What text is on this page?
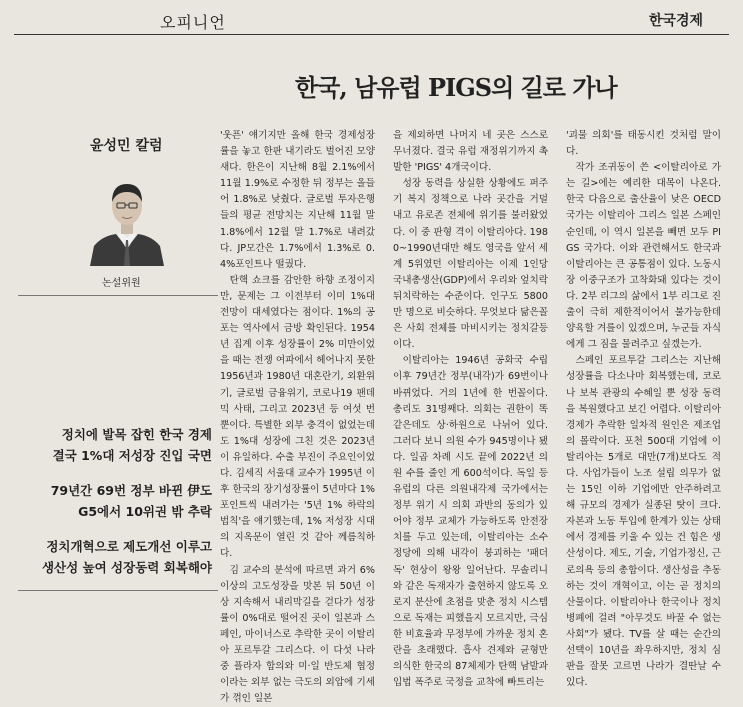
오피니언	한국경제
한국, 남유럽 PIGS의 길로 가나
윤성민 칼럼
논설위원
정치에 발목 잡힌 한국 경제
결국 1%대 저성장 진입 국면
79년간 69번 정부 바뀐 伊도
G5에서 10위권 밖 추락
정치개혁으로 제도개선 이루고
생산성 높여 성장동력 회복해야

'웃픈' 얘기지만 올해 한국 경제성장률을 놓고 한판 내기라도 벌어진 모양새다. 한은이 지난해 8월 2.1%에서 11월 1.9%로 수정한 뒤 정부는 올들어 1.8%로 낮췄다. 글로벌 투자은행들의 평균 전망치는 지난해 11월 말 1.8%에서 12월 말 1.7%로 내려갔다. JP모간은 1.7%에서 1.3%로 0.4%포인트나 떨궜다.

탄핵 쇼크를 감안한 하향 조정이지만, 문제는 그 이전부터 이미 1%대 전망이 대세였다는 점이다. 1%의 공포는 역사에서 금방 확인된다. 1954년 집계 이후 성장률이 2% 미만이었을 때는 전쟁 여파에서 헤어나지 못한 1956년과 1980년 대혼란기, 외환위기, 글로벌 금융위기, 코로나19 팬데믹 사태, 그리고 2023년 등 여섯 번뿐이다. 특별한 외부 충격이 없었는데도 1%대 성장에 그친 것은 2023년이 유일하다. 수출 부진이 주요인이었다. 김세직 서울대 교수가 1995년 이후 한국의 장기성장률이 5년마다 1%포인트씩 내려가는 '5년 1% 하락의 법칙'을 얘기했는데, 1% 저성장 시대의 지옥문이 열린 것 같아 께름칙하다.

김 교수의 분석에 따르면 과거 6% 이상의 고도성장을 맛본 뒤 50년 이상 지속해서 내리막길을 걷다가 성장률이 0%대로 떨어진 곳이 일본과 스페인, 마이너스로 추락한 곳이 이탈리아 포르투갈 그리스다. 이 다섯 나라 중 플라자 합의와 미·일 반도체 협정이라는 외부 없는 극도의 외압에 기세가 꺾인 일본

을 제외하면 나머지 네 곳은 스스로 무너졌다. 결국 유럽 재정위기까지 촉발한 'PIGS' 4개국이다.

성장 동력을 상실한 상황에도 퍼주기 복지 정책으로 나라 곳간을 거덜 내고 유로존 전체에 위기를 불러왔었다. 이 중 판형 격이 이탈리아다. 1980~1990년대만 해도 영국을 앞서 세계 5위였던 이탈리아는 이제 1인당 국내총생산(GDP)에서 우리와 엎치락뒤치락하는 수준이다. 인구도 5800만 명으로 비슷하다. 무엇보다 닮은꼴은 사회 전체를 마비시키는 정치갈등이다.

이탈리아는 1946년 공화국 수립 이후 79년간 정부(내각)가 69번이나 바뀌었다. 거의 1년에 한 번꼴이다. 총리도 31명째다. 의회는 권한이 똑같은데도 상·하원으로 나뉘어 있다. 그러다 보니 의원 수가 945명이나 됐다. 일곱 차례 시도 끝에 2022년 의원 수를 줄인 게 600석이다. 독일 등 유럽의 다른 의원내각제 국가에서는 정부 위기 시 의회 과반의 동의가 있어야 정부 교체가 가능하도록 안전장치를 두고 있는데, 이탈리아는 소수 정당에 의해 내각이 붕괴하는 '패더독' 현상이 왕왕 일어난다. 무솔리니와 같은 독재자가 출현하지 않도록 오로지 분산에 초점을 맞춘 정치 시스템으로 독재는 피했을지 모르지만, 극심한 비효율과 무정부에 가까운 정치 혼란을 초래했다. 흡사 견제와 균형만 의식한 한국의 87체제가 탄핵 남발과 입법 폭주로 국정을 교착에 빠트리는

'괴물 의회'를 태동시킨 것처럼 말이다.

작가 조귀동이 쓴 <이탈리아로 가는 길>에는 예리한 대목이 나온다. 한국 다음으로 출산율이 낮은 OECD 국가는 이탈리아 그리스 일본 스페인 순인데, 이 역시 일본을 빼면 모두 PIGS 국가다. 이와 관련해서도 한국과 이탈리아는 큰 공통점이 있다. 노동시장 이중구조가 고착화돼 있다는 것이다. 2부 리그의 삶에서 1부 리그로 진출이 극히 제한적이어서 불가능한데 양육할 겨를이 있겠으며, 누군들 자식에게 그 짐을 물려주고 싶겠는가.

스페인 포르투갈 그리스는 지난해 성장률을 다소나마 회복했는데, 코로나 보복 관광의 수혜일 뿐 성장 동력을 복원했다고 보긴 어렵다. 이탈리아 경제가 추락한 일차적 원인은 제조업의 몰락이다. 포천 500대 기업에 이탈리아는 5개로 대만(7개)보다도 적다. 사업가들이 노조 설립 의무가 없는 15인 이하 기업에만 안주하려고 해 규모의 경제가 실종된 탓이 크다. 자본과 노동 투입에 한계가 있는 상태에서 경제를 키울 수 있는 건 힘은 생산성이다. 제도, 기술, 기업가정신, 근로의욕 등의 총합이다. 생산성을 추동하는 것이 개혁이고, 이는 곧 정치의 산물이다. 이탈리아나 한국이나 정치 병폐에 걸려 "아무것도 바꿀 수 없는 사회"가 됐다. TV를 살 때는 순간의 선택이 10년을 좌우하지만, 정치 심판을 잘못 고르면 나라가 결딴날 수 있다.
